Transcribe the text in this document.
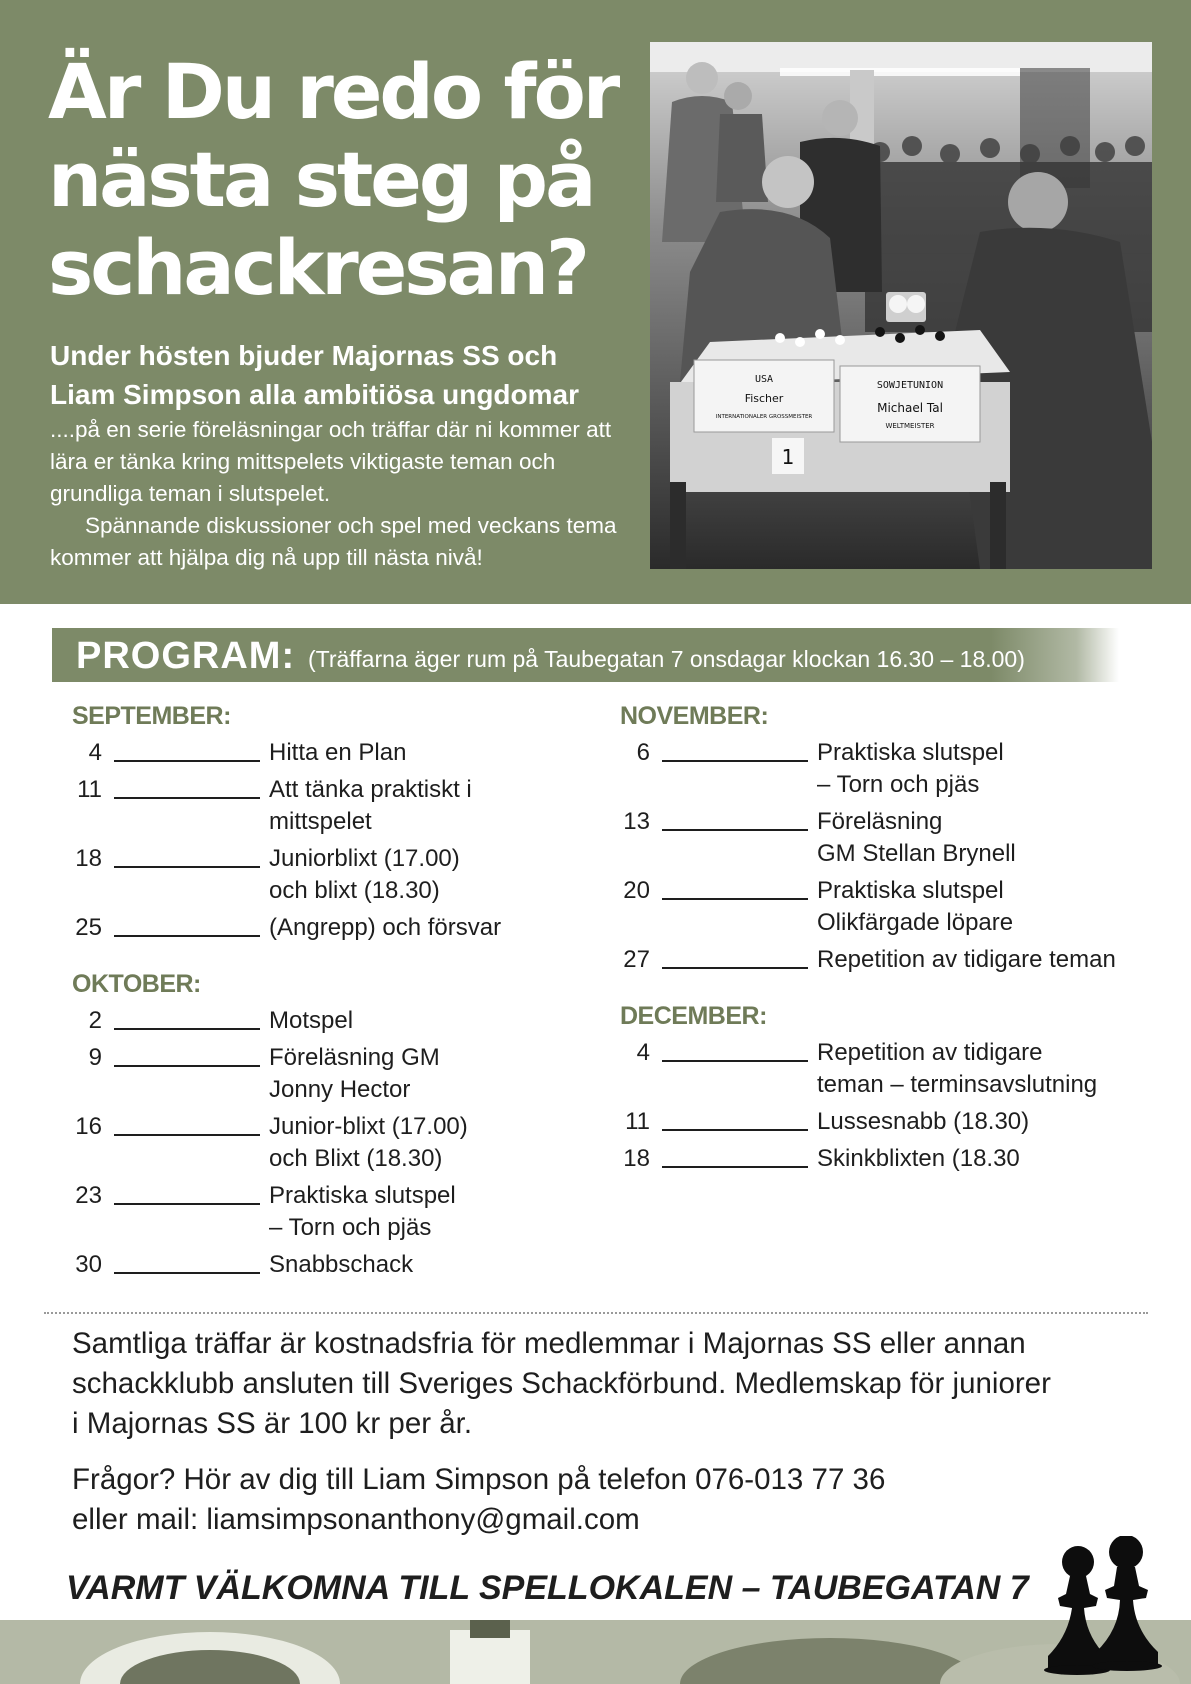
Är Du redo för nästa steg på schackresan?

Under hösten bjuder Majornas SS och Liam Simpson alla ambitiösa ungdomar

....på en serie föreläsningar och träffar där ni kommer att lära er tänka kring mittspelets viktigaste teman och grundliga teman i slutspelet.

Spännande diskussioner och spel med veckans tema kommer att hjälpa dig nå upp till nästa nivå!

USA
Fischer
INTERNATIONALER GROSSMEISTER
SOWJETUNION
Michael Tal
WELTMEISTER
1
PROGRAM: (Träffarna äger rum på Taubegatan 7 onsdagar klockan 16.30 – 18.00)
SEPTEMBER:
4	Hitta en Plan
11	Att tänka praktiskt i
mittspelet
18	Juniorblixt (17.00)
och blixt (18.30)
25	(Angrepp) och försvar
OKTOBER:
2	Motspel
9	Föreläsning GM
Jonny Hector
16	Junior-blixt (17.00)
och Blixt (18.30)
23	Praktiska slutspel
– Torn och pjäs
30	Snabbschack
NOVEMBER:
6	Praktiska slutspel
– Torn och pjäs
13	Föreläsning
GM Stellan Brynell
20	Praktiska slutspel
Olikfärgade löpare
27	Repetition av tidigare teman
DECEMBER:
4	Repetition av tidigare
teman – terminsavslutning
11	Lussesnabb (18.30)
18	Skinkblixten (18.30

Samtliga träffar är kostnadsfria för medlemmar i Majornas SS eller annan
schackklubb ansluten till Sveriges Schackförbund. Medlemskap för juniorer
i Majornas SS är 100 kr per år.

Frågor? Hör av dig till Liam Simpson på telefon 076-013 77 36
eller mail: liamsimpsonanthony@gmail.com

VARMT VÄLKOMNA TILL SPELLOKALEN – TAUBEGATAN 7
